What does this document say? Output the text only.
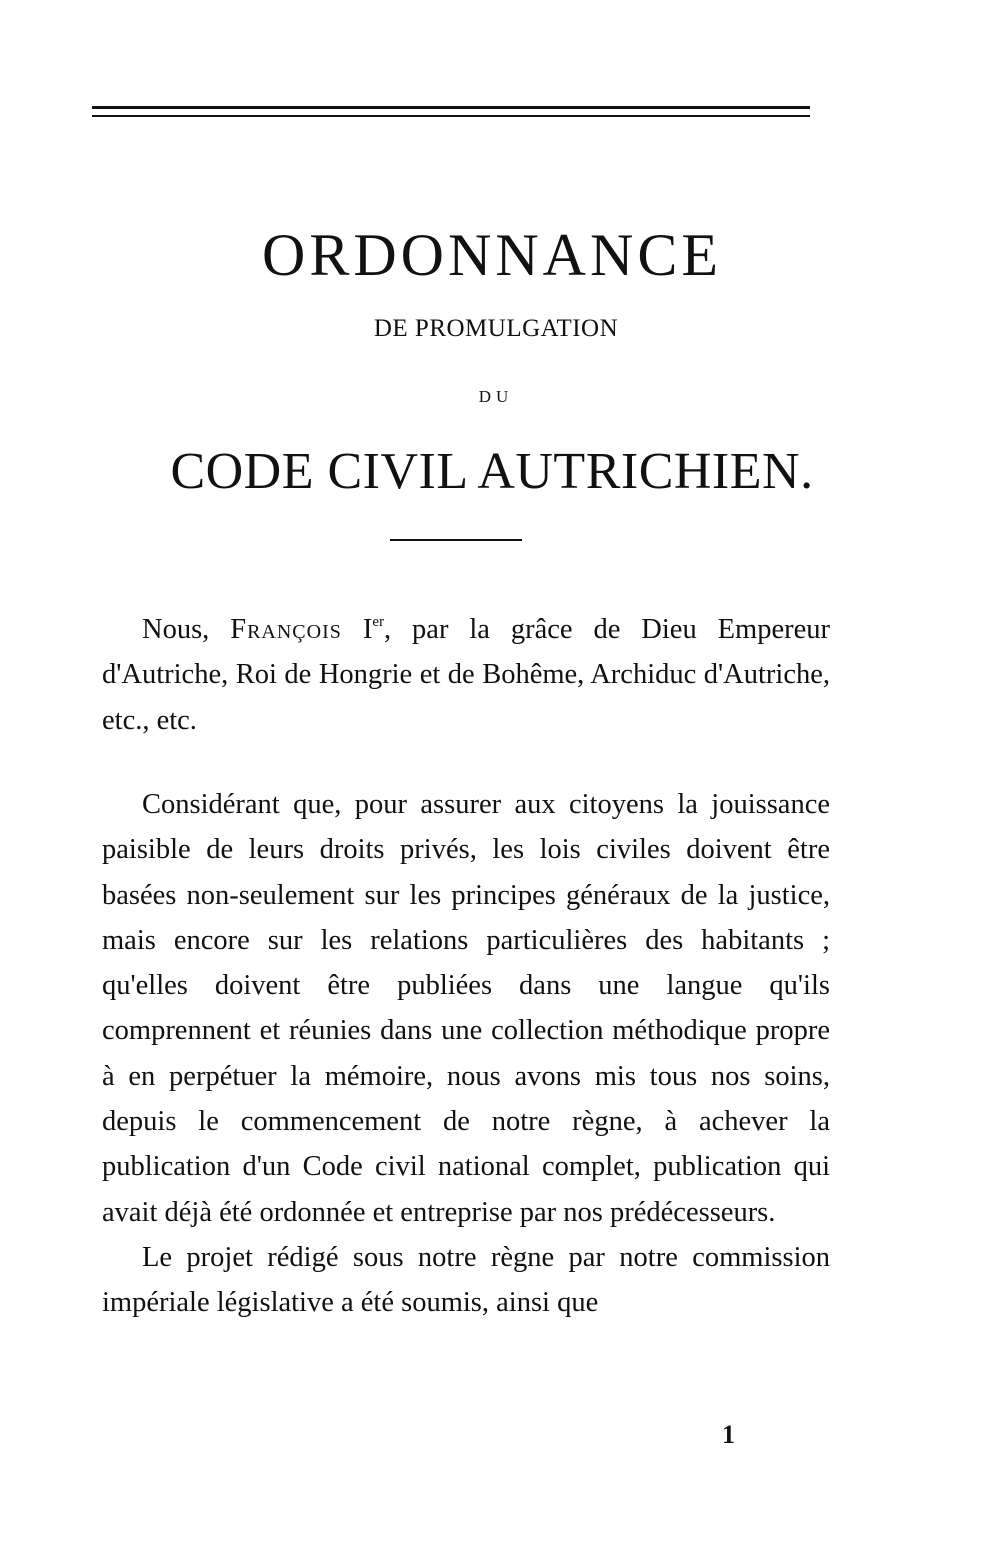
ORDONNANCE
DE PROMULGATION
DU
CODE CIVIL AUTRICHIEN.

Nous, François Ier, par la grâce de Dieu Empereur d'Autriche, Roi de Hongrie et de Bohême, Archiduc d'Autriche, etc., etc.

Considérant que, pour assurer aux citoyens la jouissance paisible de leurs droits privés, les lois civiles doivent être basées non-seulement sur les principes généraux de la justice, mais encore sur les relations particulières des habitants ; qu'elles doivent être publiées dans une langue qu'ils comprennent et réunies dans une collection méthodique propre à en perpétuer la mémoire, nous avons mis tous nos soins, depuis le commencement de notre règne, à achever la publication d'un Code civil national complet, publication qui avait déjà été ordonnée et entreprise par nos prédécesseurs.

Le projet rédigé sous notre règne par notre commission impériale législative a été soumis, ainsi que

1
